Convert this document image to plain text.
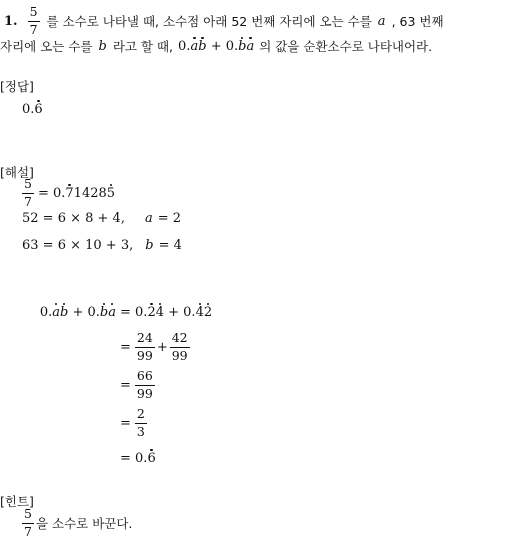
1. $\frac{5}{7}$ 를 소수로 나타낼 때, 소수점 아래 52 번째 자리에 오는 수를 a , 63 번째
자리에 오는 수를 b 라고 할 때, 0.ab + 0.ba 의 값을 순환소수로 나타내어라.
[정답]
0.6
[해설]
$\frac{5}{7} = 0$. 7 1428 5
52 = 6 × 8 + 4, a = 2
63 = 6 × 10 + 3, b = 4
0.ab + 0.ba = 0.24 + 0.42
= $\frac{24}{99} + \frac{42}{99}$
= $\frac{66}{99}$
= $\frac{2}{3}$
= 0.6
[힌트]
$\frac{5}{7}$ 을 소수로 바꾼다.
